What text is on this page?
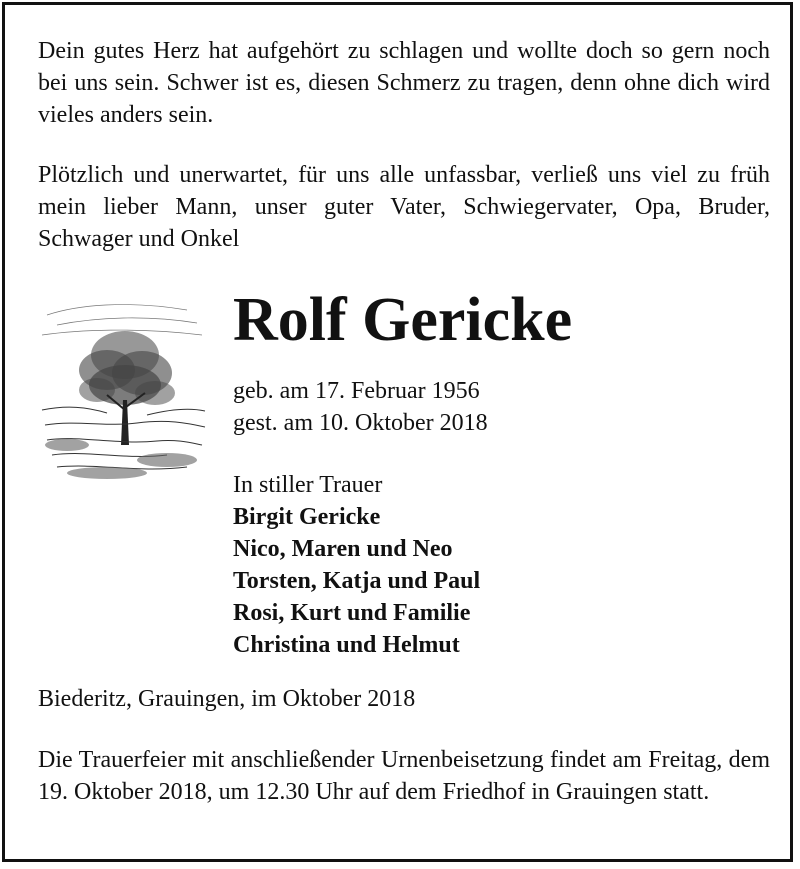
Dein gutes Herz hat aufgehört zu schlagen und wollte doch so gern noch bei uns sein. Schwer ist es, diesen Schmerz zu tragen, denn ohne dich wird vieles anders sein.

Plötzlich und unerwartet, für uns alle unfassbar, verließ uns viel zu früh mein lieber Mann, unser guter Vater, Schwiegervater, Opa, Bruder, Schwager und Onkel

Rolf Gericke
geb. am 17. Februar 1956
gest. am 10. Oktober 2018
In stiller Trauer
Birgit Gericke
Nico, Maren und Neo
Torsten, Katja und Paul
Rosi, Kurt und Familie
Christina und Helmut
Biederitz, Grauingen, im Oktober 2018

Die Trauerfeier mit anschließender Urnenbeisetzung findet am Freitag, dem 19. Oktober 2018, um 12.30 Uhr auf dem Friedhof in Grauingen statt.
